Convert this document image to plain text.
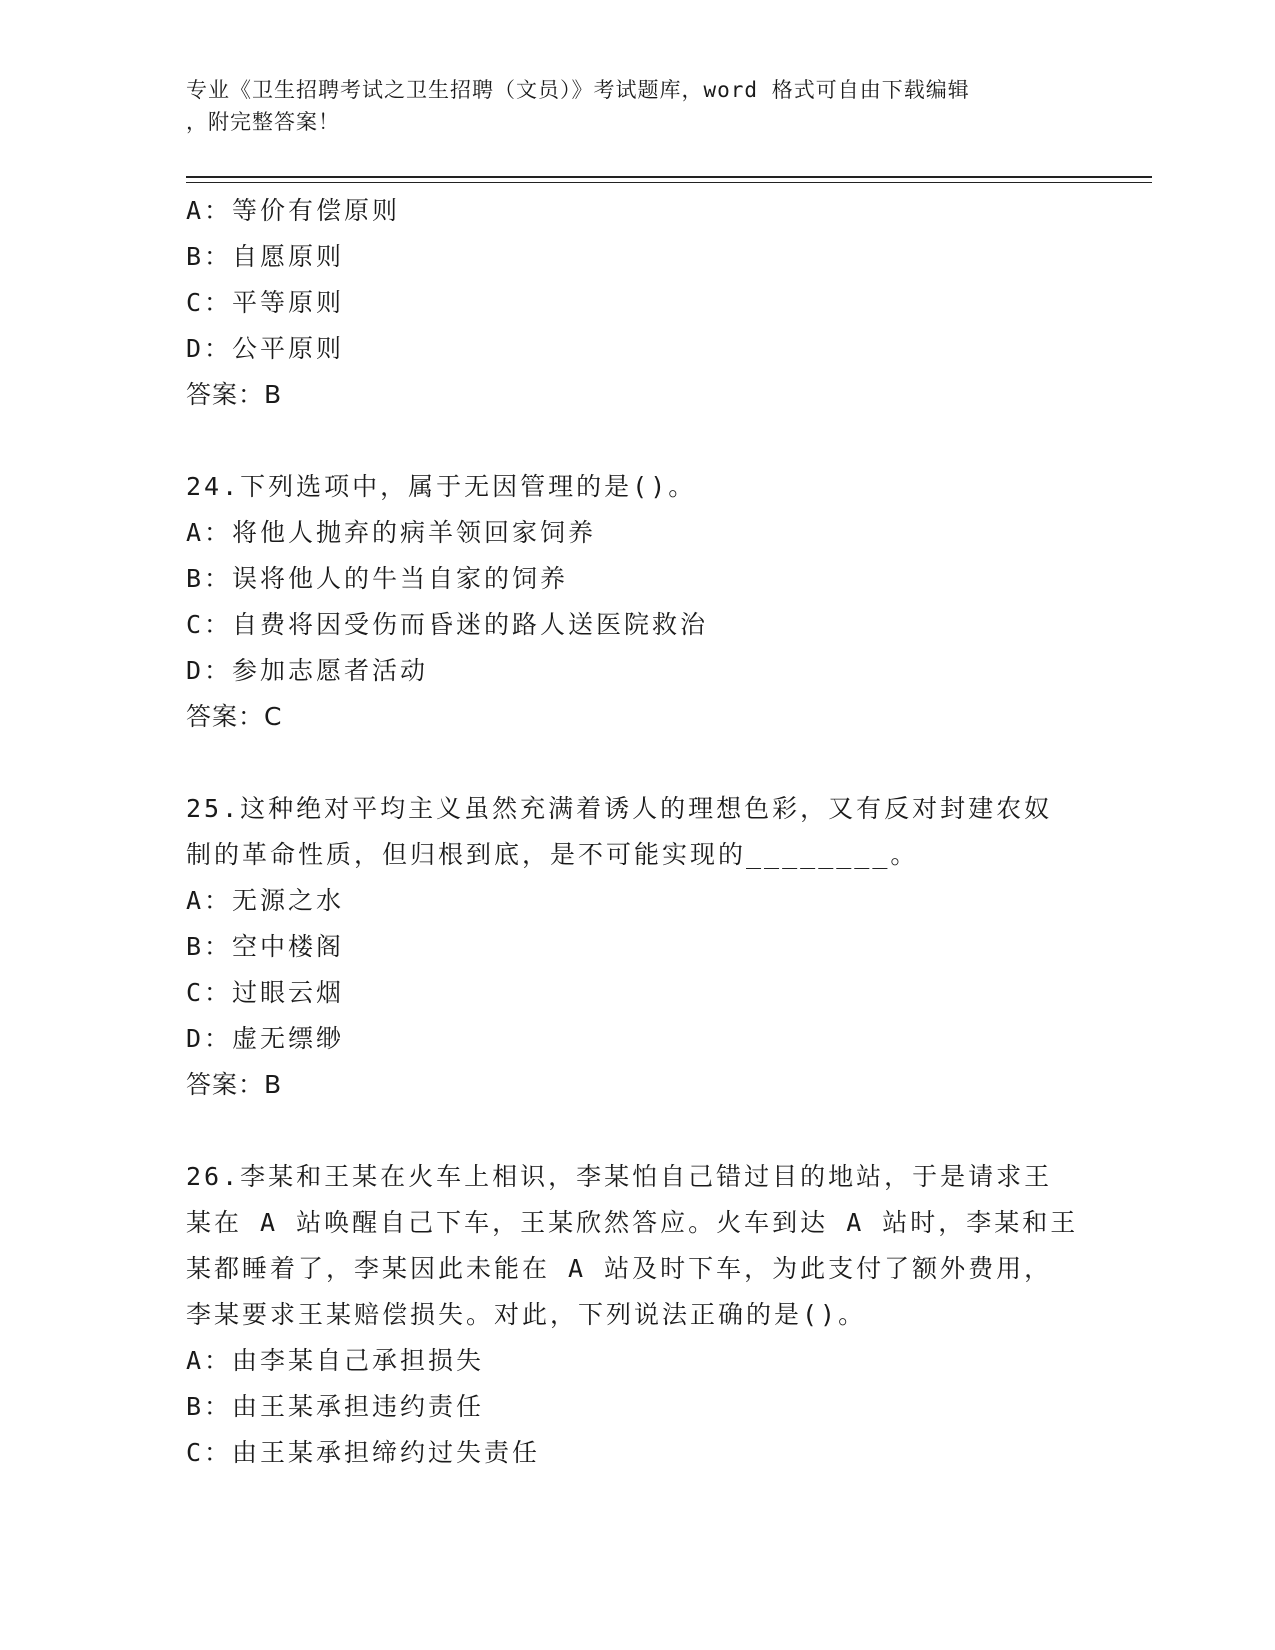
专业《卫生招聘考试之卫生招聘（文员）》考试题库，word 格式可自由下载编辑
，附完整答案！
A：等价有偿原则
B：自愿原则
C：平等原则
D：公平原则
答案：B
24.下列选项中，属于无因管理的是()。
A：将他人抛弃的病羊领回家饲养
B：误将他人的牛当自家的饲养
C：自费将因受伤而昏迷的路人送医院救治
D：参加志愿者活动
答案：C
25.这种绝对平均主义虽然充满着诱人的理想色彩，又有反对封建农奴
制的革命性质，但归根到底，是不可能实现的________。
A：无源之水
B：空中楼阁
C：过眼云烟
D：虚无缥缈
答案：B
26.李某和王某在火车上相识，李某怕自己错过目的地站，于是请求王
某在 A 站唤醒自己下车，王某欣然答应。火车到达 A 站时，李某和王
某都睡着了，李某因此未能在 A 站及时下车，为此支付了额外费用，
李某要求王某赔偿损失。对此，下列说法正确的是()。
A：由李某自己承担损失
B：由王某承担违约责任
C：由王某承担缔约过失责任
